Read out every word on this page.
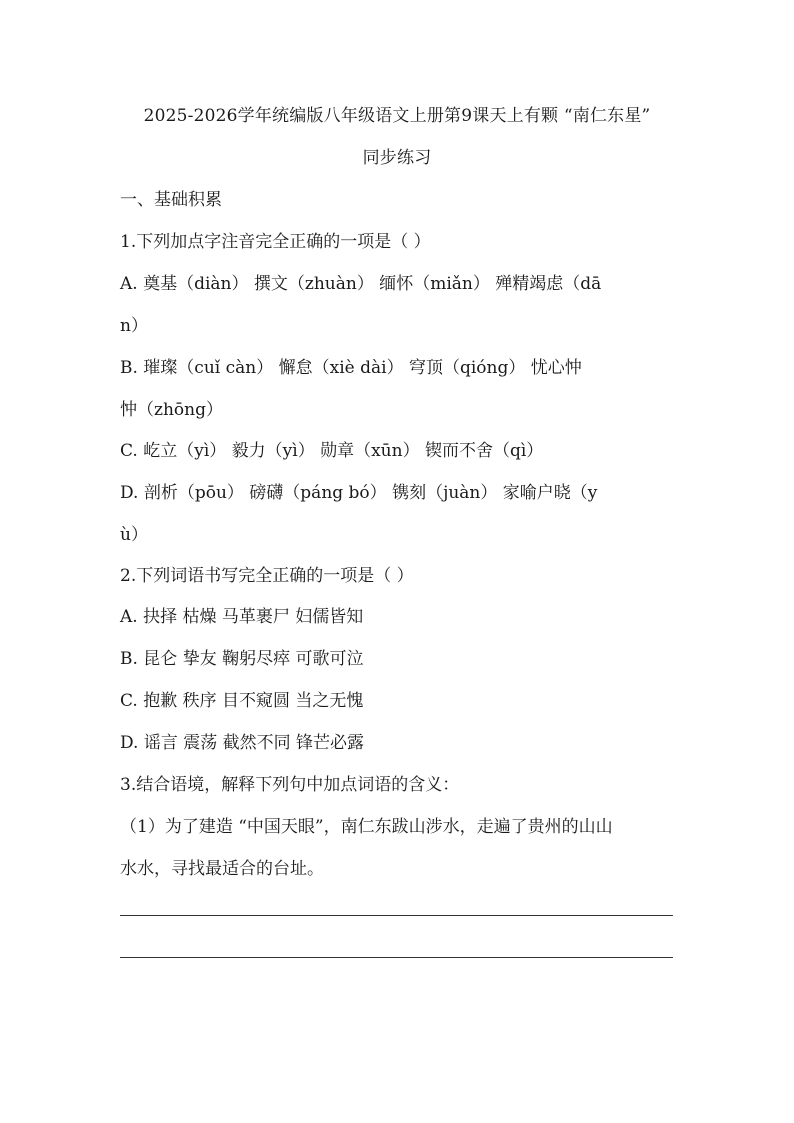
2025-2026学年统编版八年级语文上册第9课天上有颗 “南仁东星”
同步练习
一、基础积累
1.下列加点字注音完全正确的一项是（ ）
A. 奠基（diàn） 撰文（zhuàn） 缅怀（miǎn） 殚精竭虑（dā
n）
B. 璀璨（cuǐ càn） 懈怠（xiè dài） 穹顶（qióng） 忧心忡
忡（zhōng）
C. 屹立（yì） 毅力（yì） 勋章（xūn） 锲而不舍（qì）
D. 剖析（pōu） 磅礴（páng bó） 镌刻（juàn） 家喻户晓（y
ù）
2.下列词语书写完全正确的一项是（ ）
A. 抉择 枯燥 马革裹尸 妇儒皆知
B. 昆仑 挚友 鞠躬尽瘁 可歌可泣
C. 抱歉 秩序 目不窥圆 当之无愧
D. 谣言 震荡 截然不同 锋芒必露
3.结合语境，解释下列句中加点词语的含义：
（1）为了建造 “中国天眼”，南仁东跋山涉水，走遍了贵州的山山
水水，寻找最适合的台址。
